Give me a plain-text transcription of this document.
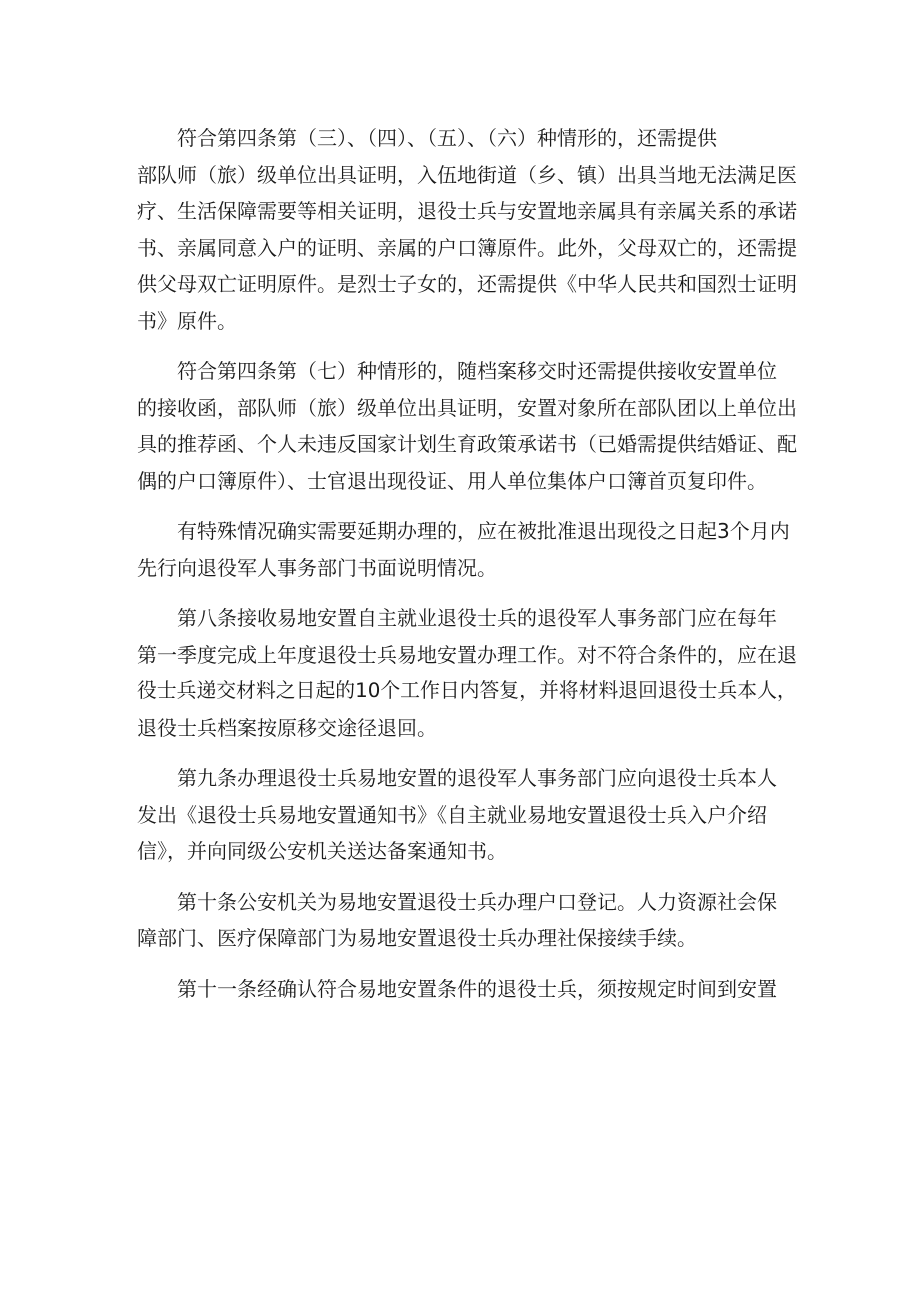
符合第四条第（三）、（四）、（五）、（六）种情形的，还需提供
部队师（旅）级单位出具证明，入伍地街道（乡、镇）出具当地无法满足医
疗、生活保障需要等相关证明，退役士兵与安置地亲属具有亲属关系的承诺
书、亲属同意入户的证明、亲属的户口簿原件。此外，父母双亡的，还需提
供父母双亡证明原件。是烈士子女的，还需提供《中华人民共和国烈士证明
书》原件。
符合第四条第（七）种情形的，随档案移交时还需提供接收安置单位
的接收函，部队师（旅）级单位出具证明，安置对象所在部队团以上单位出
具的推荐函、个人未违反国家计划生育政策承诺书（已婚需提供结婚证、配
偶的户口簿原件）、士官退出现役证、用人单位集体户口簿首页复印件。
有特殊情况确实需要延期办理的，应在被批准退出现役之日起3个月内
先行向退役军人事务部门书面说明情况。
第八条接收易地安置自主就业退役士兵的退役军人事务部门应在每年
第一季度完成上年度退役士兵易地安置办理工作。对不符合条件的，应在退
役士兵递交材料之日起的10个工作日内答复，并将材料退回退役士兵本人，
退役士兵档案按原移交途径退回。
第九条办理退役士兵易地安置的退役军人事务部门应向退役士兵本人
发出《退役士兵易地安置通知书》《自主就业易地安置退役士兵入户介绍
信》，并向同级公安机关送达备案通知书。
第十条公安机关为易地安置退役士兵办理户口登记。人力资源社会保
障部门、医疗保障部门为易地安置退役士兵办理社保接续手续。
第十一条经确认符合易地安置条件的退役士兵，须按规定时间到安置
